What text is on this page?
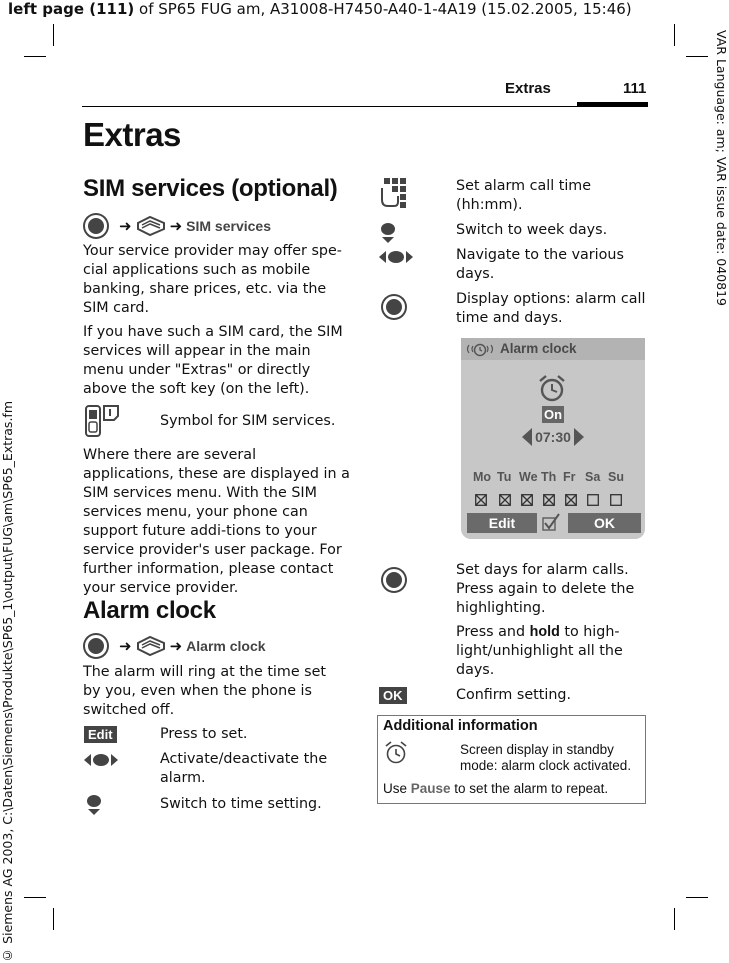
left page (111) of SP65 FUG am, A31008-H7450-A40-1-4A19 (15.02.2005, 15:46)
VAR Language: am; VAR issue date: 040819
© Siemens AG 2003, C:\Daten\Siemens\Produkte\SP65_1\output\FUG\am\SP65_Extras.fm
Extras	111
Extras
SIM services (optional)
➜	➜ SIM services
Your service provider may offer spe-cial applications such as mobile banking, share prices, etc. via the SIM card.
If you have such a SIM card, the SIM services will appear in the main menu under "Extras" or directly above the soft key (on the left).
Symbol for SIM services.
Where there are several applications, these are displayed in a SIM services menu. With the SIM services menu, your phone can support future addi-tions to your service provider's user package. For further information, please contact your service provider.
Alarm clock
➜	➜ Alarm clock
The alarm will ring at the time set by you, even when the phone is switched off.
Edit	Press to set.
Activate/deactivate the alarm.
Switch to time setting.
Set alarm call time (hh:mm).
Switch to week days.
Navigate to the various days.
Display options: alarm call time and days.
Alarm clock
On
07:30
Mo Tu We Th Fr Sa Su
Edit	OK
Set days for alarm calls. Press again to delete the highlighting.
Press and hold to high-light/unhighlight all the days.
OK	Confirm setting.
Additional information
Screen display in standby mode: alarm clock activated.
Use Pause to set the alarm to repeat.
